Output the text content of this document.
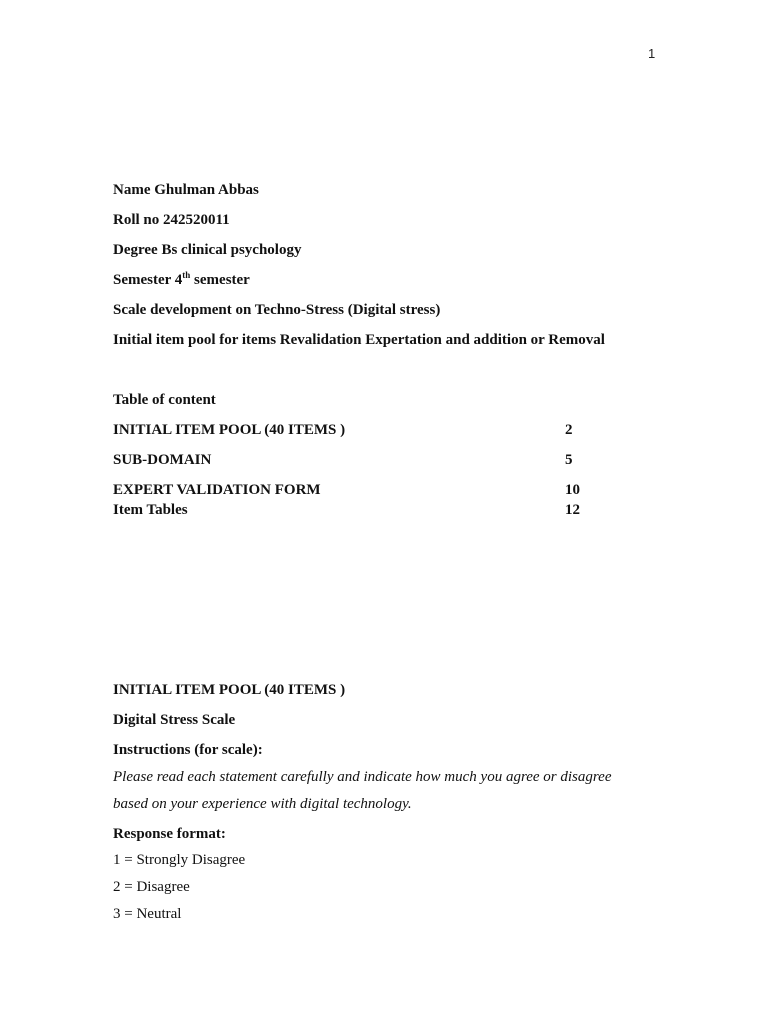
1
Name Ghulman Abbas
Roll no 242520011
Degree Bs clinical psychology
Semester 4th semester
Scale development on Techno-Stress (Digital stress)
Initial item pool for items Revalidation Expertation and addition or Removal
Table of content
INITIAL ITEM POOL (40 ITEMS )	2
SUB-DOMAIN	5
EXPERT VALIDATION FORM	10
Item Tables	12
INITIAL ITEM POOL (40 ITEMS )
Digital Stress Scale
Instructions (for scale):
Please read each statement carefully and indicate how much you agree or disagree
based on your experience with digital technology.
Response format:
1 = Strongly Disagree
2 = Disagree
3 = Neutral
